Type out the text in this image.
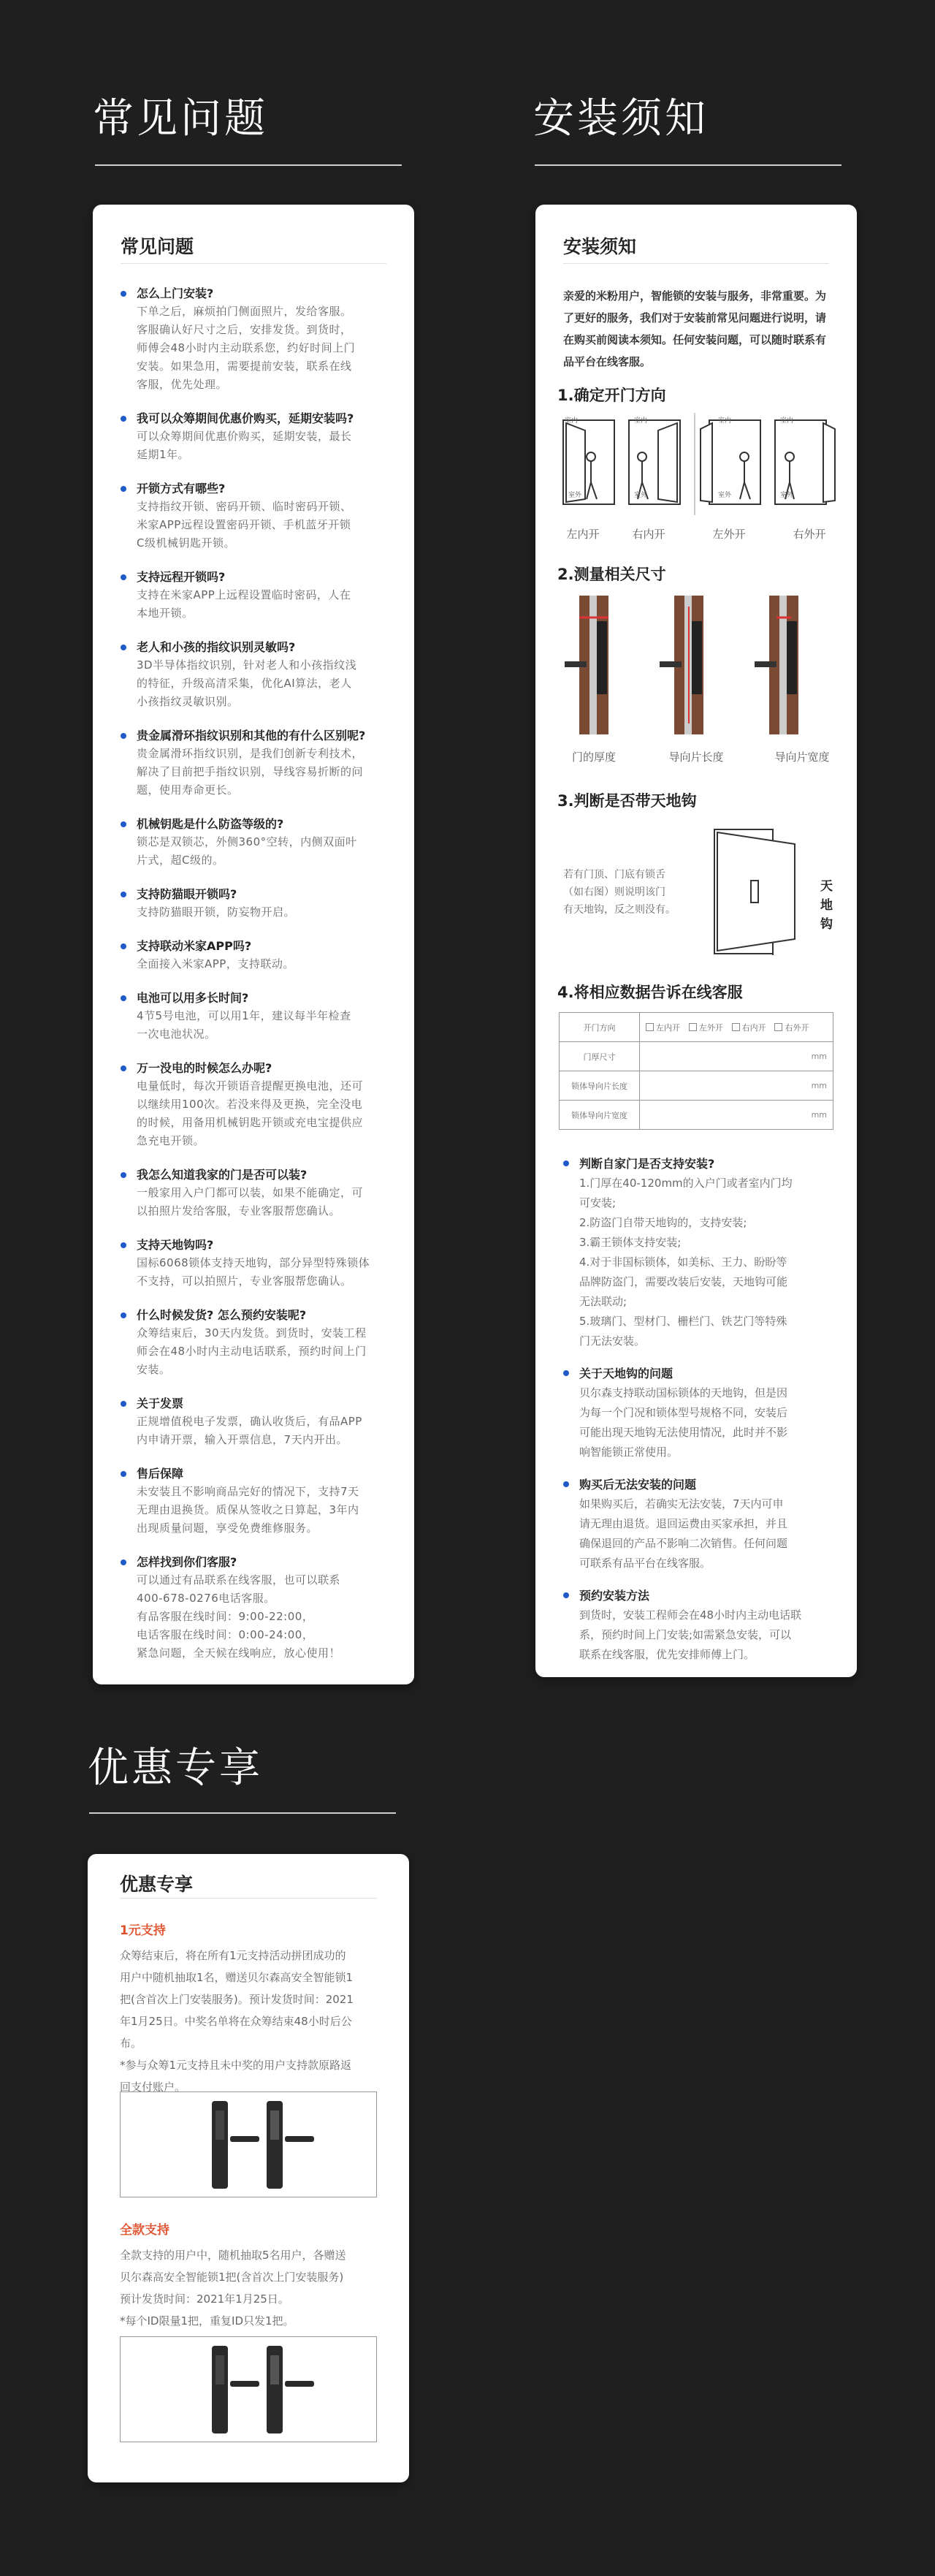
常见问题
常见问题
怎么上门安装?
下单之后，麻烦拍门侧面照片，发给客服。
客服确认好尺寸之后，安排发货。到货时，
师傅会48小时内主动联系您，约好时间上门
安装。如果急用，需要提前安装，联系在线
客服，优先处理。
我可以众筹期间优惠价购买，延期安装吗?
可以众筹期间优惠价购买，延期安装，最长
延期1年。
开锁方式有哪些?
支持指纹开锁、密码开锁、临时密码开锁、
米家APP远程设置密码开锁、手机蓝牙开锁
C级机械钥匙开锁。
支持远程开锁吗?
支持在米家APP上远程设置临时密码，人在
本地开锁。
老人和小孩的指纹识别灵敏吗?
3D半导体指纹识别，针对老人和小孩指纹浅
的特征，升级高清采集，优化AI算法，老人
小孩指纹灵敏识别。
贵金属滑环指纹识别和其他的有什么区别呢?
贵金属滑环指纹识别，是我们创新专利技术，
解决了目前把手指纹识别，导线容易折断的问
题，使用寿命更长。
机械钥匙是什么防盗等级的?
锁芯是双锁芯，外侧360°空转，内侧双面叶
片式，超C级的。
支持防猫眼开锁吗?
支持防猫眼开锁，防妄物开启。
支持联动米家APP吗?
全面接入米家APP，支持联动。
电池可以用多长时间?
4节5号电池，可以用1年，建议每半年检查
一次电池状况。
万一没电的时候怎么办呢?
电量低时，每次开锁语音提醒更换电池，还可
以继续用100次。若没来得及更换，完全没电
的时候，用备用机械钥匙开锁或充电宝提供应
急充电开锁。
我怎么知道我家的门是否可以装?
一般家用入户门都可以装，如果不能确定，可
以拍照片发给客服，专业客服帮您确认。
支持天地钩吗?
国标6068锁体支持天地钩，部分异型特殊锁体
不支持，可以拍照片，专业客服帮您确认。
什么时候发货? 怎么预约安装呢?
众筹结束后，30天内发货。到货时，安装工程
师会在48小时内主动电话联系，预约时间上门
安装。
关于发票
正规增值税电子发票，确认收货后，有品APP
内申请开票，输入开票信息，7天内开出。
售后保障
未安装且不影响商品完好的情况下，支持7天
无理由退换货。质保从签收之日算起，3年内
出现质量问题，享受免费维修服务。
怎样找到你们客服?
可以通过有品联系在线客服，也可以联系
400-678-0276电话客服。
有品客服在线时间：9:00-22:00，
电话客服在线时间：0:00-24:00，
紧急问题，全天候在线响应，放心使用！
安装须知
安装须知
亲爱的米粉用户，智能锁的安装与服务，非常重要。为了更好的服务，我们对于安装前常见问题进行说明，请在购买前阅读本须知。任何安装问题，可以随时联系有品平台在线客服。
1.确定开门方向
室内
室外
室内
室外
室内
室外
室内
室外
左内开	右内开	左外开	右外开
2.测量相关尺寸
门的厚度	导向片长度	导向片宽度
3.判断是否带天地钩
若有门顶、门底有锁舌
（如右图）则说明该门
有天地钩，反之则没有。
天
地
钩
4.将相应数据告诉在线客服
开门方向	左内开 左外开 右内开 右外开
门厚尺寸	mm

锁体导向片长度	mm

锁体导向片宽度	mm
判断自家门是否支持安装?
1.门厚在40-120mm的入户门或者室内门均
可安装;
2.防盗门自带天地钩的，支持安装;
3.霸王锁体支持安装;
4.对于非国标锁体，如美标、王力、盼盼等
品牌防盗门，需要改装后安装，天地钩可能
无法联动;
5.玻璃门、型材门、栅栏门、铁艺门等特殊
门无法安装。
关于天地钩的问题
贝尔森支持联动国标锁体的天地钩，但是因
为每一个门况和锁体型号规格不同，安装后
可能出现天地钩无法使用情况，此时并不影
响智能锁正常使用。
购买后无法安装的问题
如果购买后，若确实无法安装，7天内可申
请无理由退货。退回运费由买家承担，并且
确保退回的产品不影响二次销售。任何问题
可联系有品平台在线客服。
预约安装方法
到货时，安装工程师会在48小时内主动电话联
系，预约时间上门安装;如需紧急安装，可以
联系在线客服，优先安排师傅上门。
优惠专享
优惠专享
1元支持
众筹结束后，将在所有1元支持活动拼团成功的
用户中随机抽取1名，赠送贝尔森高安全智能锁1
把(含首次上门安装服务)。预计发货时间：2021
年1月25日。中奖名单将在众筹结束48小时后公
布。
*参与众筹1元支持且未中奖的用户支持款原路返
回支付账户。
全款支持
全款支持的用户中，随机抽取5名用户，各赠送
贝尔森高安全智能锁1把(含首次上门安装服务)
预计发货时间：2021年1月25日。
*每个ID限量1把，重复ID只发1把。
